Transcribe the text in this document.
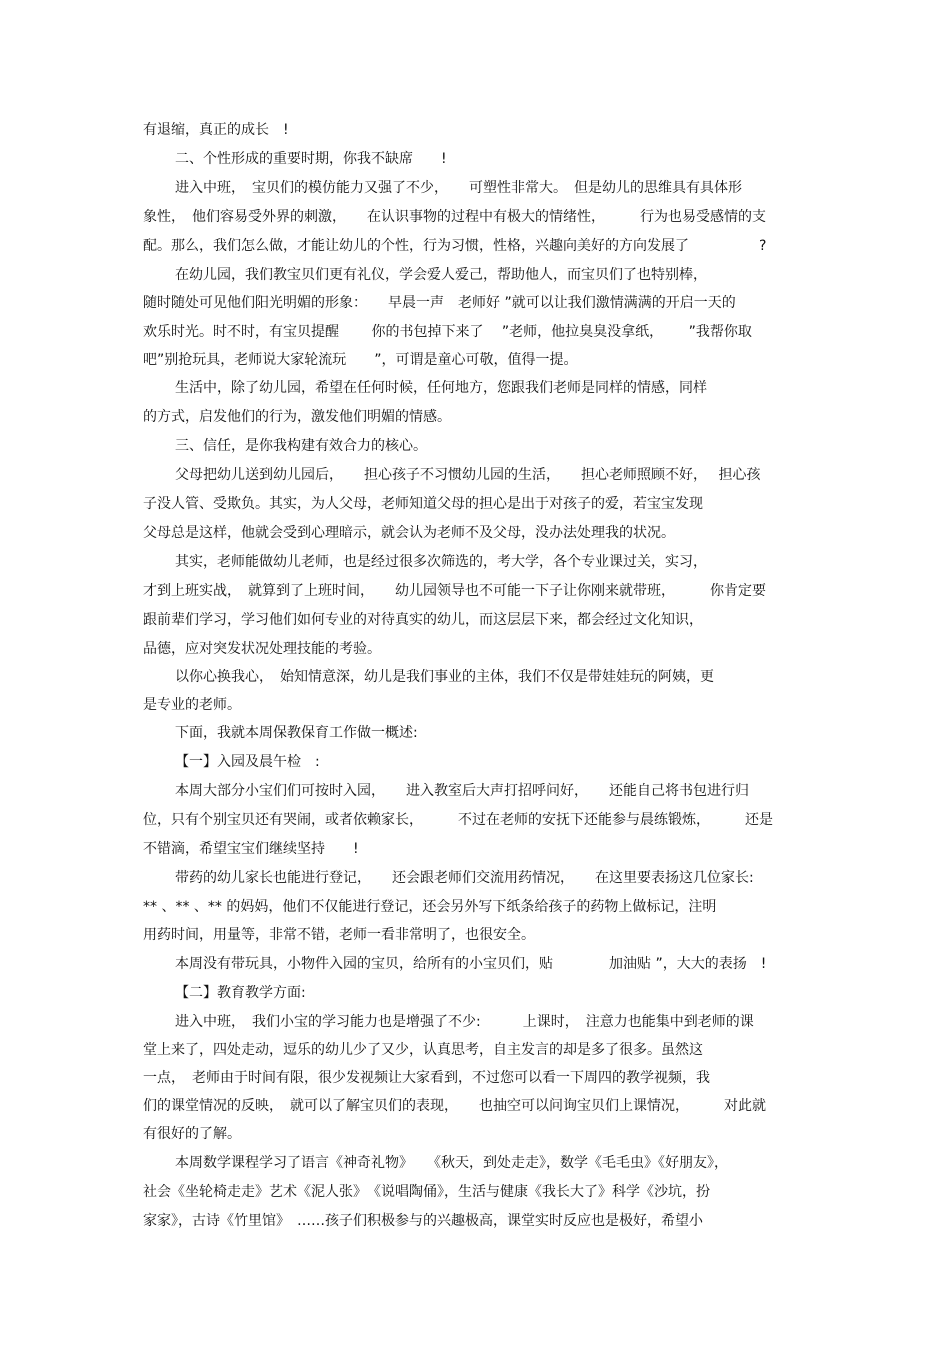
有退缩，真正的成长　!
二、个性形成的重要时期，你我不缺席　　!
进入中班，　宝贝们的模仿能力又强了不少，　　可塑性非常大。　但是幼儿的思维具有具体形
象性，　他们容易受外界的刺激，　　在认识事物的过程中有极大的情绪性，　　　行为也易受感情的支
配。那么，我们怎么做，才能让幼儿的个性，行为习惯，性格，兴趣向美好的方向发展了　　　　　?
在幼儿园，我们教宝贝们更有礼仪，学会爱人爱己，帮助他人，而宝贝们了也特别棒，
随时随处可见他们阳光明媚的形象：　　早晨一声　老师好 ”就可以让我们激情满满的开启一天的
欢乐时光。时不时，有宝贝提醒　　 你的书包掉下来了　 ”老师，他拉臭臭没拿纸，　　 ”我帮你取
吧”别抢玩具，老师说大家轮流玩　　”，可谓是童心可敬，值得一提。
生活中，除了幼儿园，希望在任何时候，任何地方，您跟我们老师是同样的情感，同样
的方式，启发他们的行为，激发他们明媚的情感。
三、信任，是你我构建有效合力的核心。
父母把幼儿送到幼儿园后，　　担心孩子不习惯幼儿园的生活，　　担心老师照顾不好，　 担心孩
子没人管、受欺负。其实，为人父母，老师知道父母的担心是出于对孩子的爱，若宝宝发现
父母总是这样，他就会受到心理暗示，就会认为老师不及父母，没办法处理我的状况。
其实，老师能做幼儿老师，也是经过很多次筛选的，考大学，各个专业课过关，实习，
才到上班实战，　就算到了上班时间，　　幼儿园领导也不可能一下子让你刚来就带班，　　　你肯定要
跟前辈们学习，学习他们如何专业的对待真实的幼儿，而这层层下来，都会经过文化知识，
品德，应对突发状况处理技能的考验。
以你心换我心，　始知情意深，幼儿是我们事业的主体，我们不仅是带娃娃玩的阿姨，更
是专业的老师。
下面，我就本周保教保育工作做一概述:
【一】入园及晨午检　:
本周大部分小宝们们可按时入园，　　进入教室后大声打招呼问好，　　还能自己将书包进行归
位，只有个别宝贝还有哭闹，或者依赖家长，　　　不过在老师的安抚下还能参与晨练锻炼，　　　还是
不错滴，希望宝宝们继续坚持　　!
带药的幼儿家长也能进行登记，　　还会跟老师们交流用药情况，　　在这里要表扬这几位家长:
** 、** 、** 的妈妈，他们不仅能进行登记，还会另外写下纸条给孩子的药物上做标记，注明
用药时间，用量等，非常不错，老师一看非常明了，也很安全。
本周没有带玩具，小物件入园的宝贝，给所有的小宝贝们，贴　　　　加油贴 ”，大大的表扬　!
【二】教育教学方面:
进入中班，　我们小宝的学习能力也是增强了不少:　　　上课时，　注意力也能集中到老师的课
堂上来了，四处走动，逗乐的幼儿少了又少，认真思考，自主发言的却是多了很多。虽然这
一点，　老师由于时间有限，很少发视频让大家看到，不过您可以看一下周四的教学视频，我
们的课堂情况的反映，　就可以了解宝贝们的表现，　　也抽空可以问询宝贝们上课情况，　　　对此就
有很好的了解。
本周数学课程学习了语言《神奇礼物》　　《秋天，到处走走》，数学《毛毛虫》《好朋友》，
社会《坐轮椅走走》艺术《泥人张》　《说唱陶俑》，生活与健康《我长大了》科学《沙坑，扮
家家》，古诗《竹里馆》　……孩子们积极参与的兴趣极高，课堂实时反应也是极好，希望小
